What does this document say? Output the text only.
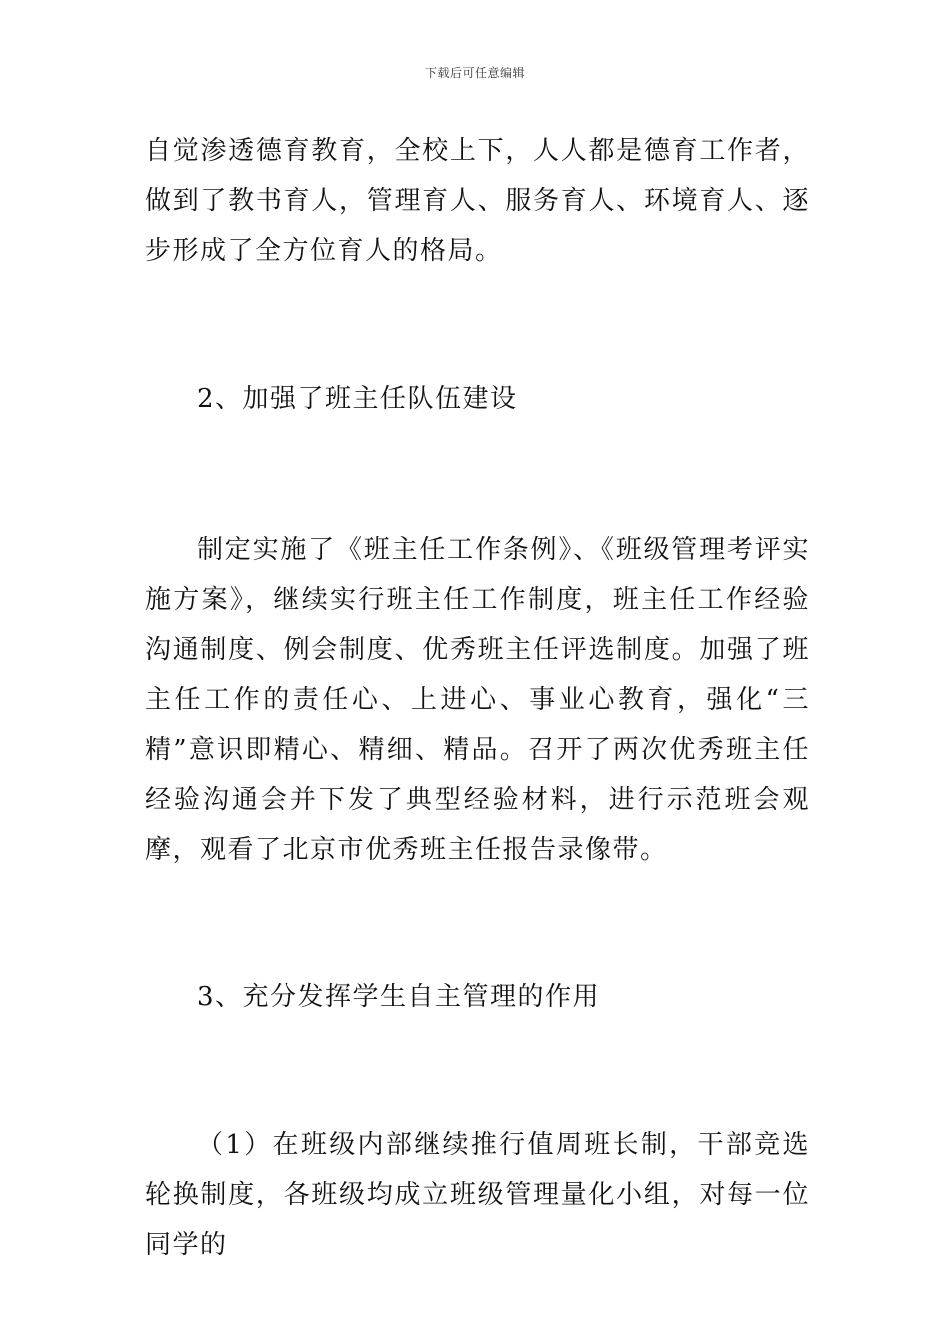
下载后可任意编辑

自觉渗透德育教育，全校上下，人人都是德育工作者，做到了教书育人，管理育人、服务育人、环境育人、逐步形成了全方位育人的格局。

2、加强了班主任队伍建设

制定实施了《班主任工作条例》、《班级管理考评实施方案》，继续实行班主任工作制度，班主任工作经验沟通制度、例会制度、优秀班主任评选制度。加强了班主任工作的责任心、上进心、事业心教育，强化“三精”意识即精心、精细、精品。召开了两次优秀班主任经验沟通会并下发了典型经验材料，进行示范班会观摩，观看了北京市优秀班主任报告录像带。

3、充分发挥学生自主管理的作用

（1）在班级内部继续推行值周班长制，干部竞选轮换制度，各班级均成立班级管理量化小组，对每一位同学的
